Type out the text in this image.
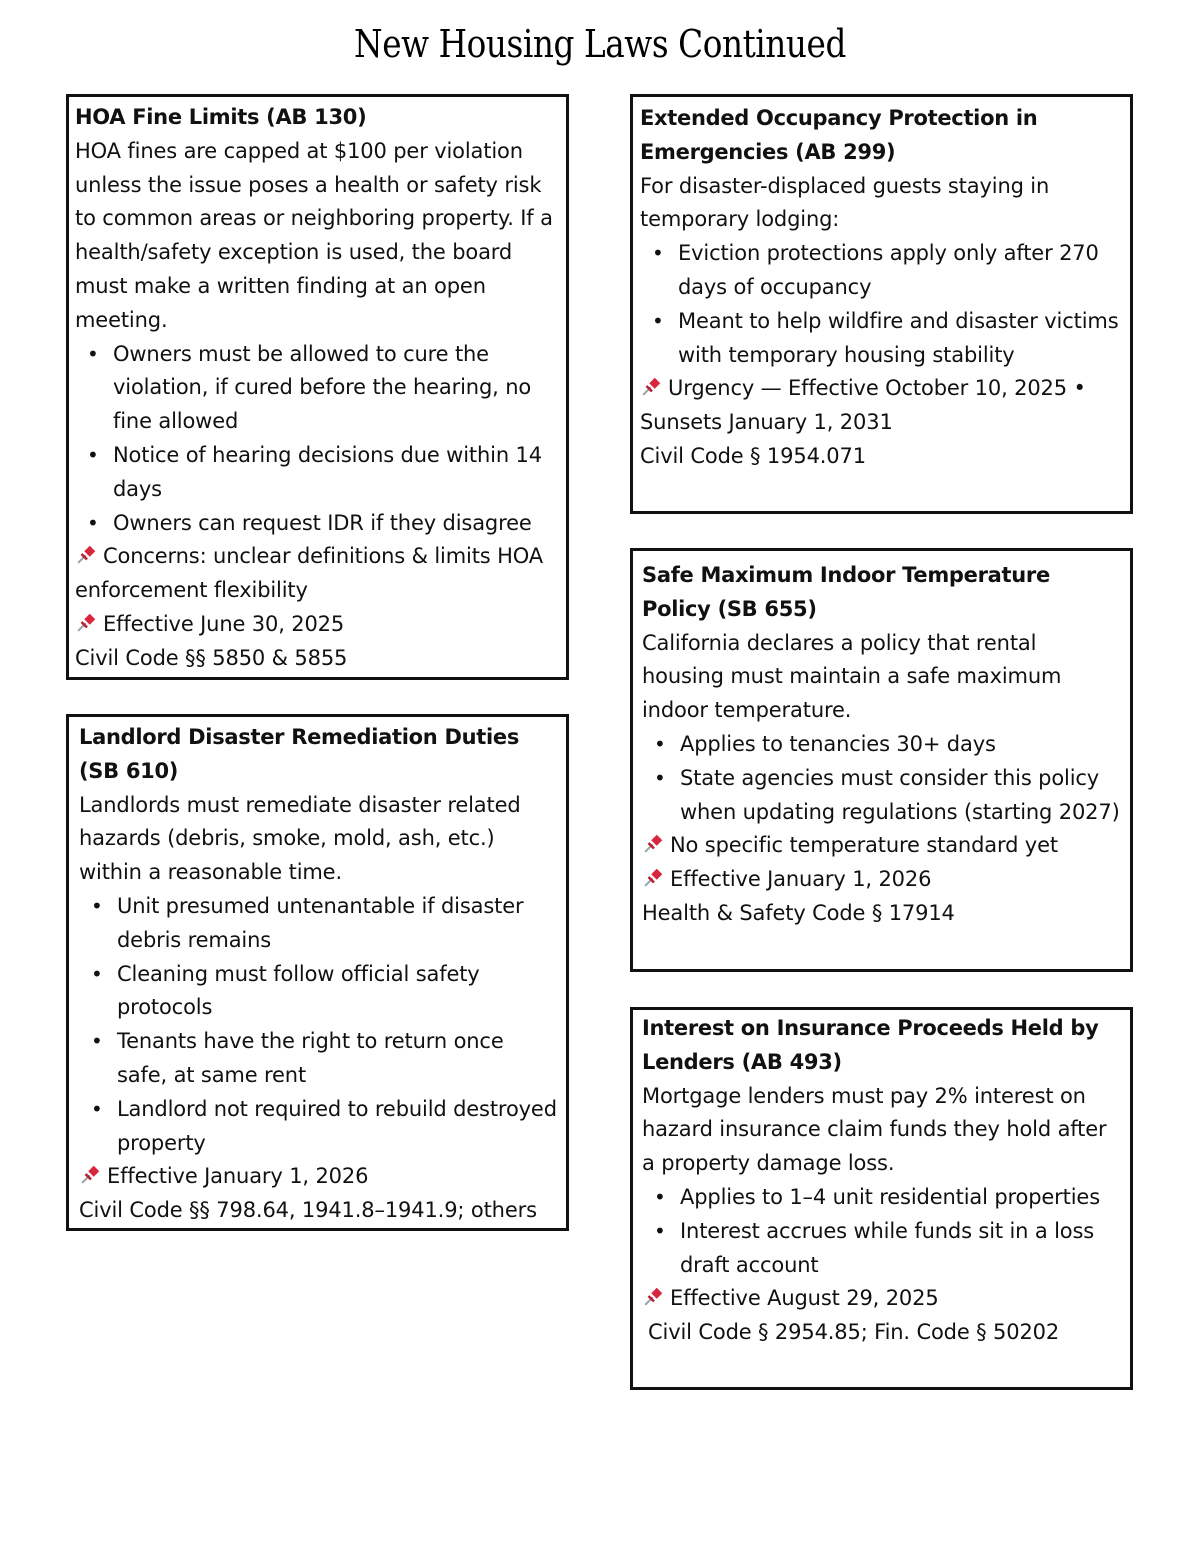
New Housing Laws Continued
HOA Fine Limits (AB 130)

HOA fines are capped at $100 per violation unless the issue poses a health or safety risk to common areas or neighboring property. If a health/safety exception is used, the board must make a written finding at an open meeting.

• Owners must be allowed to cure the violation, if cured before the hearing, no fine allowed
• Notice of hearing decisions due within 14 days
• Owners can request IDR if they disagree

Concerns: unclear definitions & limits HOA enforcement flexibility

Effective June 30, 2025

Civil Code §§ 5850 & 5855

Landlord Disaster Remediation Duties (SB 610)

Landlords must remediate disaster related hazards (debris, smoke, mold, ash, etc.) within a reasonable time.

• Unit presumed untenantable if disaster debris remains
• Cleaning must follow official safety protocols
• Tenants have the right to return once safe, at same rent
• Landlord not required to rebuild destroyed property

Effective January 1, 2026

Civil Code §§ 798.64, 1941.8–1941.9; others

Extended Occupancy Protection in Emergencies (AB 299)

For disaster-displaced guests staying in temporary lodging:

• Eviction protections apply only after 270 days of occupancy
• Meant to help wildfire and disaster victims with temporary housing stability

Urgency — Effective October 10, 2025 • Sunsets January 1, 2031

Civil Code § 1954.071

Safe Maximum Indoor Temperature Policy (SB 655)

California declares a policy that rental housing must maintain a safe maximum indoor temperature.

• Applies to tenancies 30+ days
• State agencies must consider this policy when updating regulations (starting 2027)

No specific temperature standard yet

Effective January 1, 2026

Health & Safety Code § 17914

Interest on Insurance Proceeds Held by Lenders (AB 493)

Mortgage lenders must pay 2% interest on hazard insurance claim funds they hold after a property damage loss.

• Applies to 1–4 unit residential properties
• Interest accrues while funds sit in a loss draft account

Effective August 29, 2025

Civil Code § 2954.85; Fin. Code § 50202
